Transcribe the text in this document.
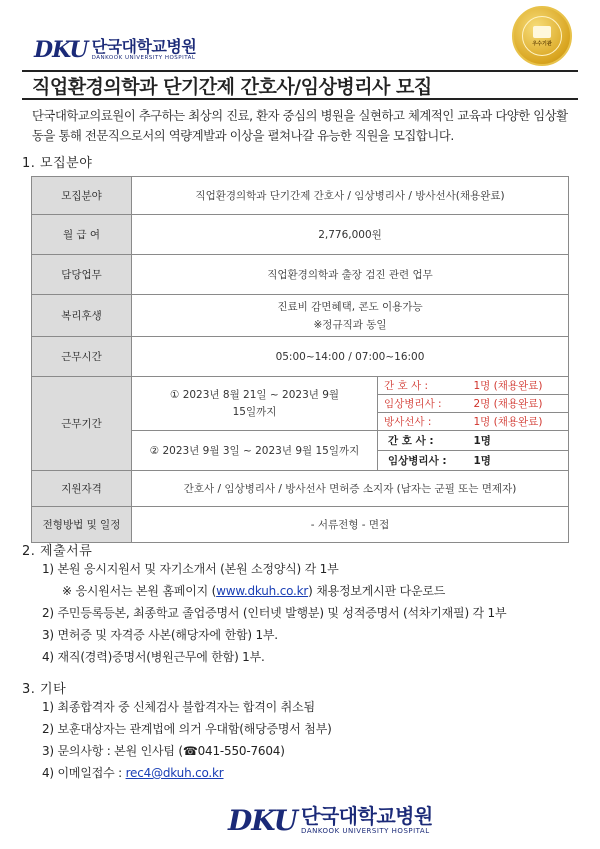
DKU 단국대학교병원
DANKOOK UNIVERSITY HOSPITAL
우수기관
직업환경의학과 단기간제 간호사/임상병리사 모집
단국대학교의료원이 추구하는 최상의 진료, 환자 중심의 병원을 실현하고 체계적인 교육과 다양한 임상활동을 통해 전문직으로서의 역량계발과 이상을 펼쳐나갈 유능한 직원을 모집합니다.
1. 모집분야
모집분야	직업환경의학과 단기간제 간호사 / 임상병리사 / 방사선사(채용완료)		
월 급 여	2,776,000원		
담당업무	직업환경의학과 출장 검진 관련 업무		
복리후생	진료비 감면혜택, 콘도 이용가능
※정규직과 동일		

근무시간	05:00~14:00 / 07:00~16:00		
근무기간	① 2023년 8월 21일 ~ 2023년 9월 15일까지	간 호 사 :	1명 (채용완료)
		임상병리사 :	2명 (채용완료)
		방사선사 :	1명 (채용완료)
	② 2023년 9월 3일 ~ 2023년 9월 15일까지	간 호 사 :	1명
		임상병리사 :	1명
지원자격	간호사 / 임상병리사 / 방사선사 면허증 소지자 (남자는 군필 또는 면제자)		
전형방법 및 일정	- 서류전형 - 면접		
2. 제출서류
1) 본원 응시지원서 및 자기소개서 (본원 소정양식) 각 1부
※ 응시원서는 본원 홈페이지 (www.dkuh.co.kr) 채용정보게시판 다운로드
2) 주민등록등본, 최종학교 졸업증명서 (인터넷 발행분) 및 성적증명서 (석차기재필) 각 1부
3) 면허증 및 자격증 사본(해당자에 한함) 1부.
4) 재직(경력)증명서(병원근무에 한함) 1부.
3. 기타
1) 최종합격자 중 신체검사 불합격자는 합격이 취소됨
2) 보훈대상자는 관계법에 의거 우대함(해당증명서 첨부)
3) 문의사항 : 본원 인사팀 (☎041-550-7604)
4) 이메일접수 : rec4@dkuh.co.kr
DKU 단국대학교병원
DANKOOK UNIVERSITY HOSPITAL
